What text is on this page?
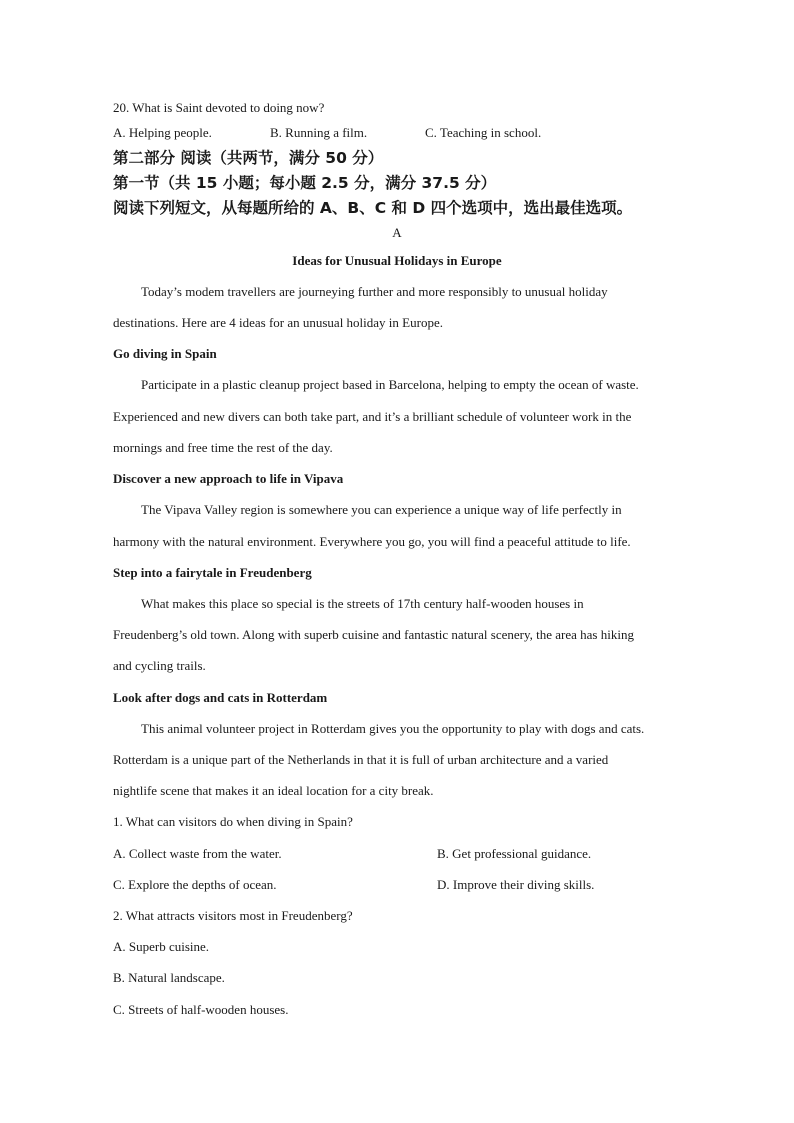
20. What is Saint devoted to doing now?
A. Helping people.	B. Running a film.	C. Teaching in school.
第二部分 阅读（共两节，满分 50 分）
第一节（共 15 小题；每小题 2.5 分，满分 37.5 分）
阅读下列短文，从每题所给的 A、B、C 和 D 四个选项中，选出最佳选项。
A
Ideas for Unusual Holidays in Europe
Today’s modem travellers are journeying further and more responsibly to unusual holiday
destinations. Here are 4 ideas for an unusual holiday in Europe.
Go diving in Spain
Participate in a plastic cleanup project based in Barcelona, helping to empty the ocean of waste.
Experienced and new divers can both take part, and it’s a brilliant schedule of volunteer work in the
mornings and free time the rest of the day.
Discover a new approach to life in Vipava
The Vipava Valley region is somewhere you can experience a unique way of life perfectly in
harmony with the natural environment. Everywhere you go, you will find a peaceful attitude to life.
Step into a fairytale in Freudenberg
What makes this place so special is the streets of 17th century half-wooden houses in
Freudenberg’s old town. Along with superb cuisine and fantastic natural scenery, the area has hiking
and cycling trails.
Look after dogs and cats in Rotterdam
This animal volunteer project in Rotterdam gives you the opportunity to play with dogs and cats.
Rotterdam is a unique part of the Netherlands in that it is full of urban architecture and a varied
nightlife scene that makes it an ideal location for a city break.
1. What can visitors do when diving in Spain?
A. Collect waste from the water.	B. Get professional guidance.
C. Explore the depths of ocean.	D. Improve their diving skills.
2. What attracts visitors most in Freudenberg?
A. Superb cuisine.
B. Natural landscape.
C. Streets of half-wooden houses.
